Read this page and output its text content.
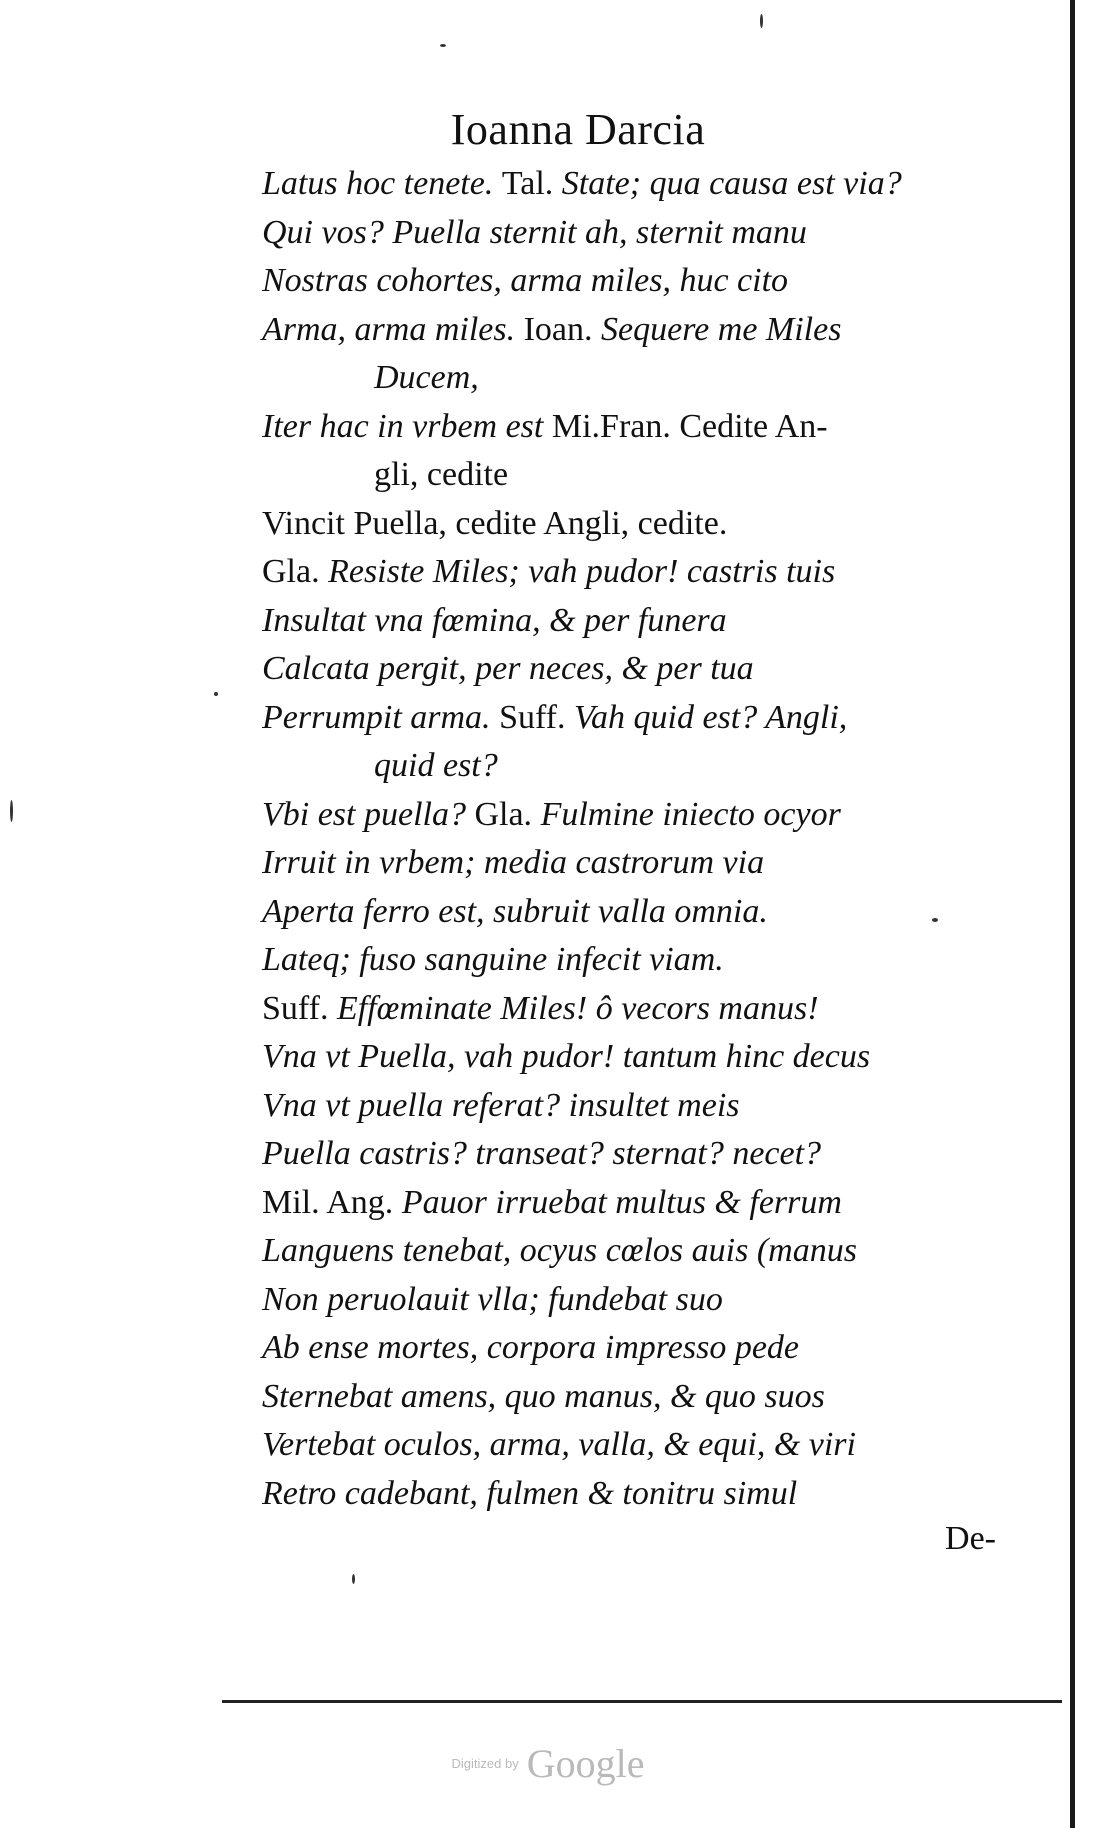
Ioanna Darcia
Latus hoc tenete. Tal. State; qua causa est via?
Qui vos? Puella sternit ah, sternit manu
Nostras cohortes, arma miles, huc cito
Arma, arma miles. Ioan. Sequere me Miles
Ducem,
Iter hac in vrbem est Mi.Fran. Cedite An-
gli, cedite
Vincit Puella, cedite Angli, cedite.
Gla. Resiste Miles; vah pudor! castris tuis
Insultat vna fœmina, & per funera
Calcata pergit, per neces, & per tua
Perrumpit arma. Suff. Vah quid est? Angli,
quid est?
Vbi est puella? Gla. Fulmine iniecto ocyor
Irruit in vrbem; media castrorum via
Aperta ferro est, subruit valla omnia.
Lateq; fuso sanguine infecit viam.
Suff. Effœminate Miles! ô vecors manus!
Vna vt Puella, vah pudor! tantum hinc decus
Vna vt puella referat? insultet meis
Puella castris? transeat? sternat? necet?
Mil. Ang. Pauor irruebat multus & ferrum
Languens tenebat, ocyus cœlos auis (manus
Non peruolauit vlla; fundebat suo
Ab ense mortes, corpora impresso pede
Sternebat amens, quo manus, & quo suos
Vertebat oculos, arma, valla, & equi, & viri
Retro cadebant, fulmen & tonitru simul
De-
Digitized by Google
